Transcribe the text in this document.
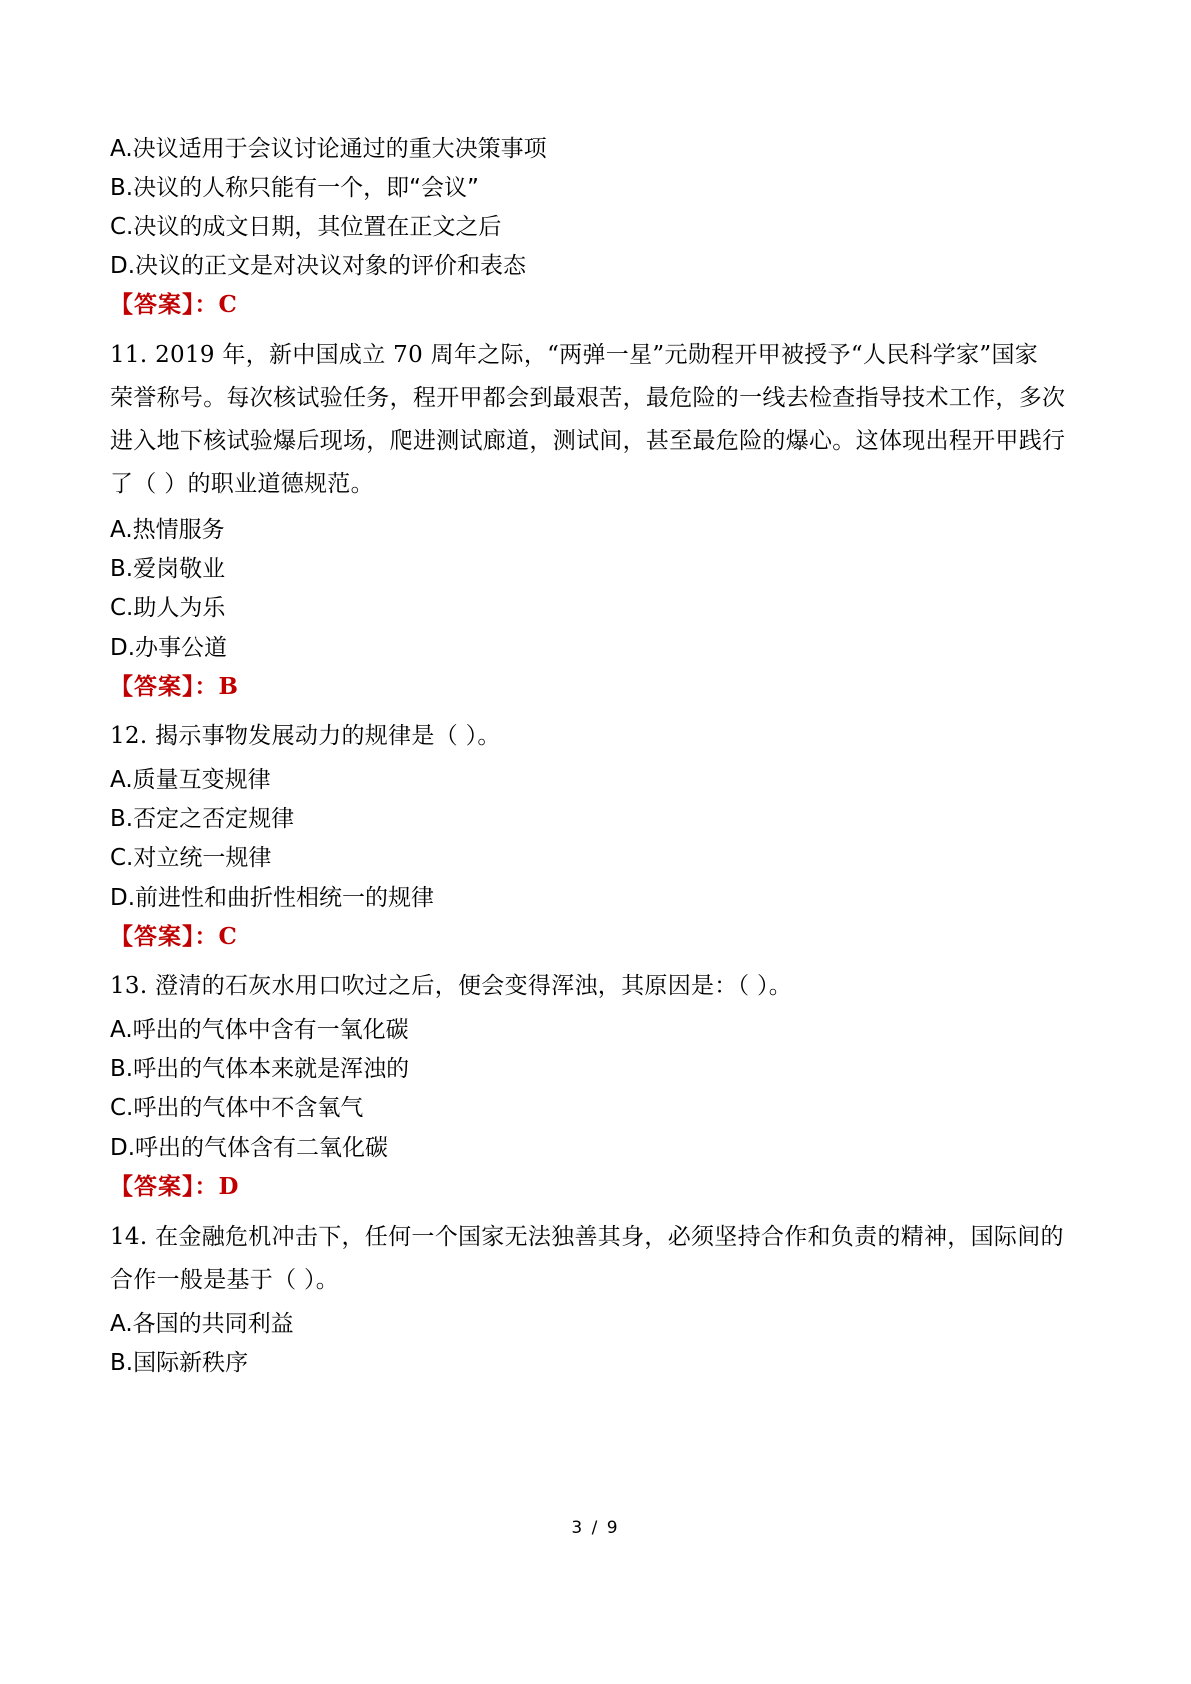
A.决议适用于会议讨论通过的重大决策事项
B.决议的人称只能有一个，即“会议”
C.决议的成文日期，其位置在正文之后
D.决议的正文是对决议对象的评价和表态
【答案】：C
11. 2019 年，新中国成立 70 周年之际，“两弹一星”元勋程开甲被授予“人民科学家”国家
荣誉称号。每次核试验任务，程开甲都会到最艰苦，最危险的一线去检查指导技术工作，多次
进入地下核试验爆后现场，爬进测试廊道，测试间，甚至最危险的爆心。这体现出程开甲践行
了（ ）的职业道德规范。
A.热情服务
B.爱岗敬业
C.助人为乐
D.办事公道
【答案】：B
12. 揭示事物发展动力的规律是（ ）。
A.质量互变规律
B.否定之否定规律
C.对立统一规律
D.前进性和曲折性相统一的规律
【答案】：C
13. 澄清的石灰水用口吹过之后，便会变得浑浊，其原因是：（ ）。
A.呼出的气体中含有一氧化碳
B.呼出的气体本来就是浑浊的
C.呼出的气体中不含氧气
D.呼出的气体含有二氧化碳
【答案】：D
14. 在金融危机冲击下，任何一个国家无法独善其身，必须坚持合作和负责的精神，国际间的
合作一般是基于（ ）。
A.各国的共同利益
B.国际新秩序
3 / 9
